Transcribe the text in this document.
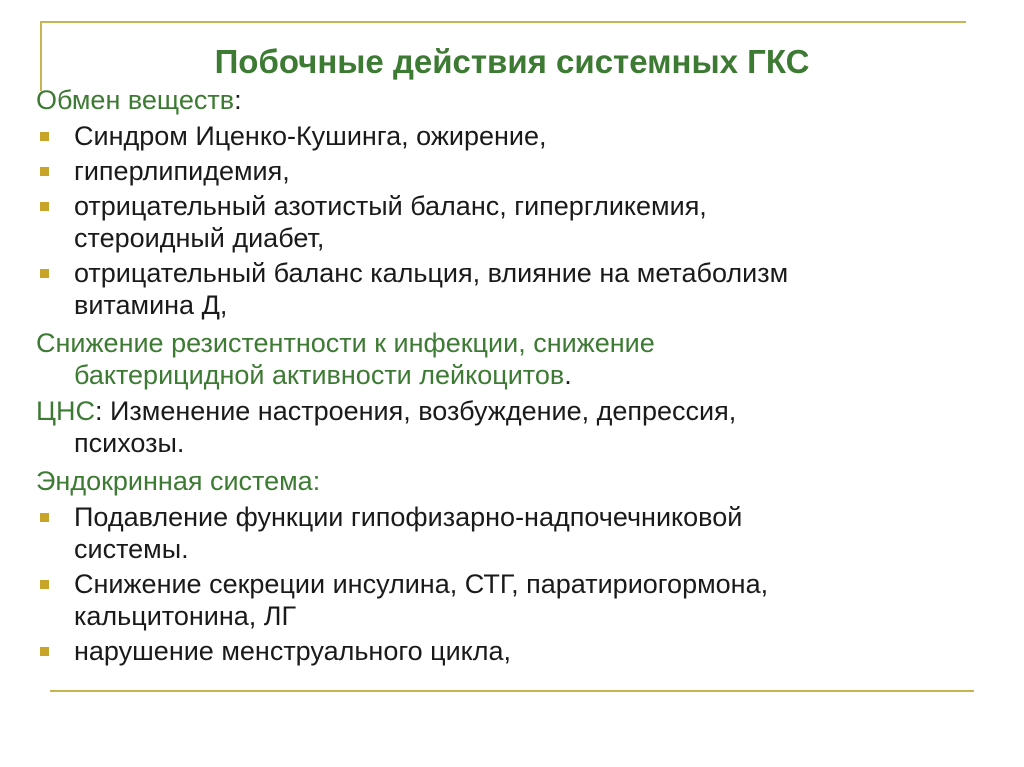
Побочные действия системных ГКС
Обмен веществ:
Синдром Иценко-Кушинга, ожирение,
гиперлипидемия,
отрицательный азотистый баланс, гипергликемия,
стероидный диабет,
отрицательный баланс кальция, влияние на метаболизм
витамина Д,
Снижение резистентности к инфекции, снижение
бактерицидной активности лейкоцитов.
ЦНС: Изменение настроения, возбуждение, депрессия,
психозы.
Эндокринная система:
Подавление функции гипофизарно-надпочечниковой
системы.
Снижение секреции инсулина, СТГ, паратириогормона,
кальцитонина, ЛГ
нарушение менструального цикла,
